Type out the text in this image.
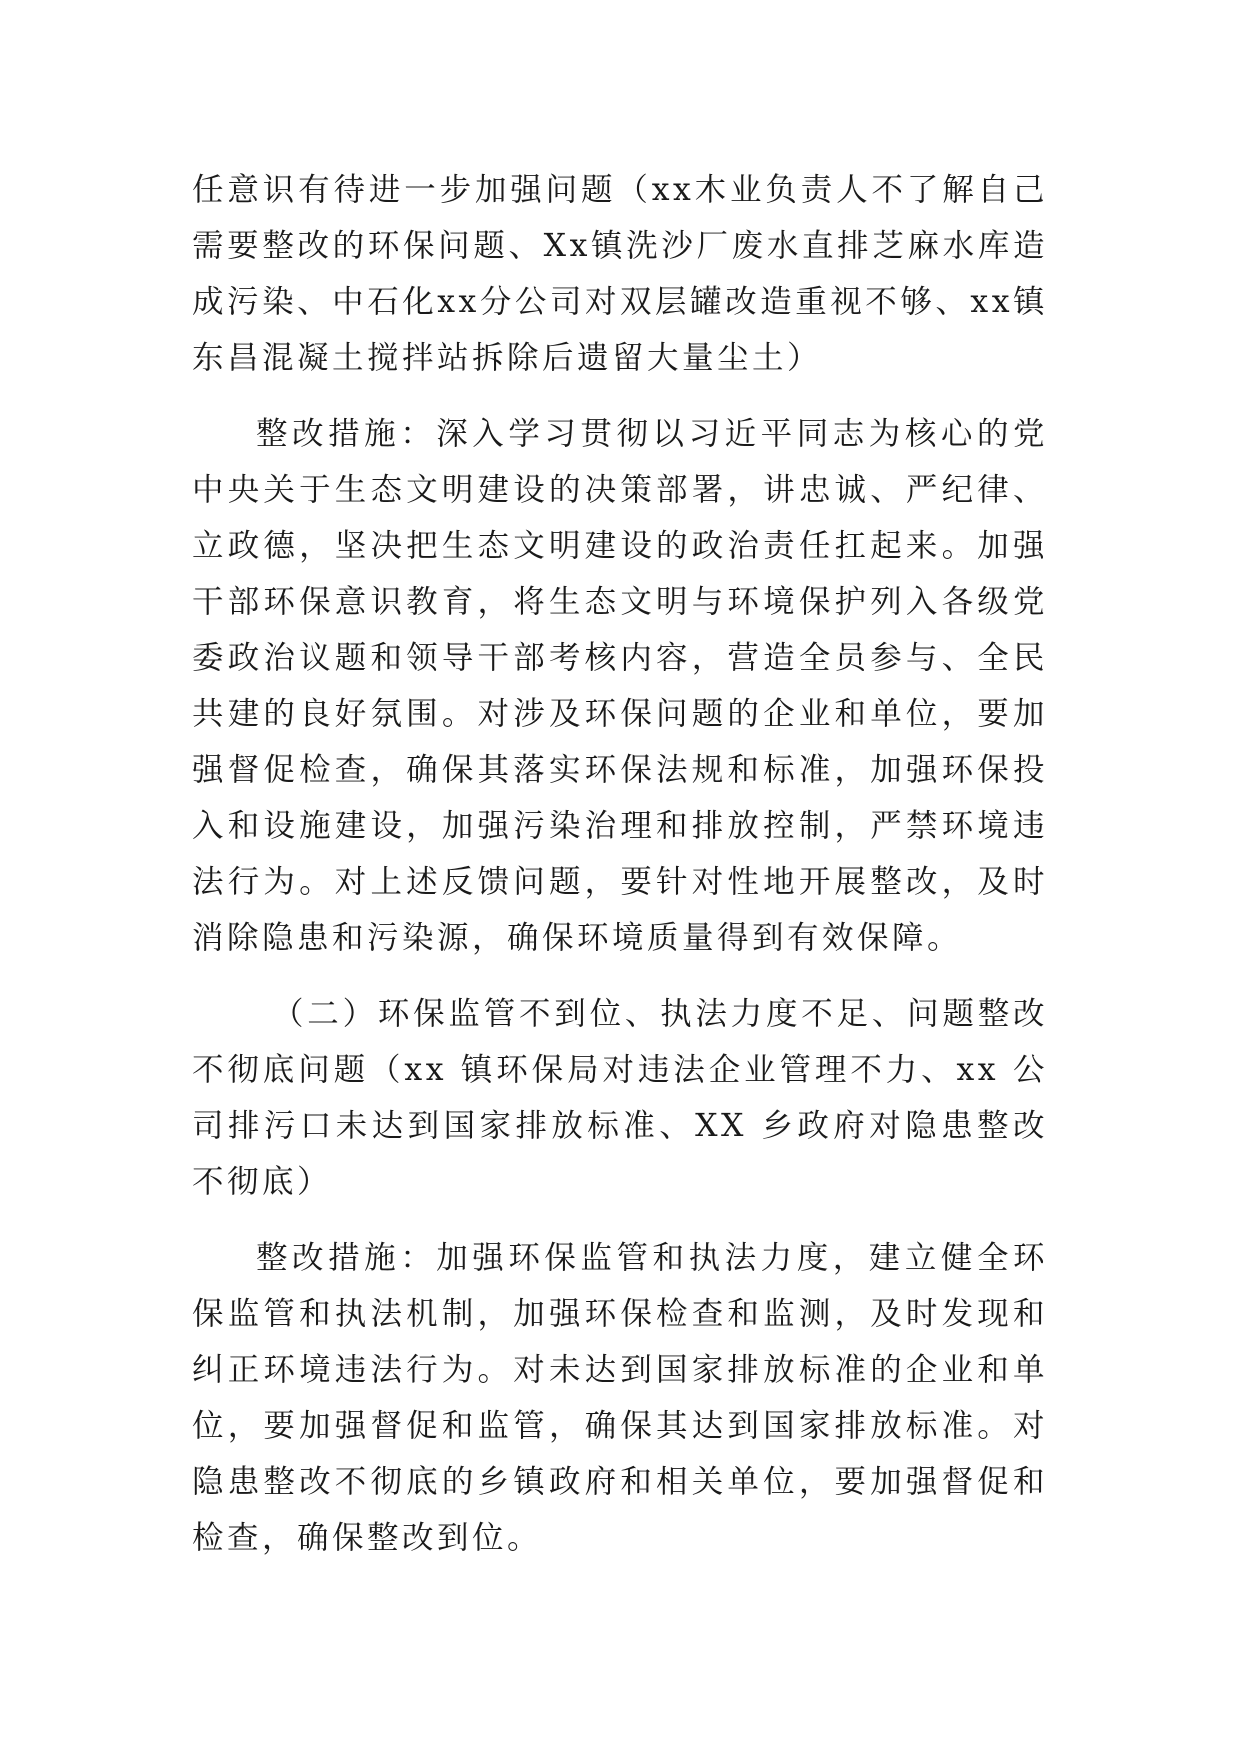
任意识有待进一步加强问题（xx木业负责人不了解自己需要整改的环保问题、Xx镇洗沙厂废水直排芝麻水库造成污染、中石化xx分公司对双层罐改造重视不够、xx镇东昌混凝土搅拌站拆除后遗留大量尘土）

整改措施：深入学习贯彻以习近平同志为核心的党中央关于生态文明建设的决策部署，讲忠诚、严纪律、立政德，坚决把生态文明建设的政治责任扛起来。加强干部环保意识教育，将生态文明与环境保护列入各级党委政治议题和领导干部考核内容，营造全员参与、全民共建的良好氛围。对涉及环保问题的企业和单位，要加强督促检查，确保其落实环保法规和标准，加强环保投入和设施建设，加强污染治理和排放控制，严禁环境违法行为。对上述反馈问题，要针对性地开展整改，及时消除隐患和污染源，确保环境质量得到有效保障。

（二）环保监管不到位、执法力度不足、问题整改不彻底问题（xx 镇环保局对违法企业管理不力、xx 公司排污口未达到国家排放标准、XX 乡政府对隐患整改不彻底）

整改措施：加强环保监管和执法力度，建立健全环保监管和执法机制，加强环保检查和监测，及时发现和纠正环境违法行为。对未达到国家排放标准的企业和单位，要加强督促和监管，确保其达到国家排放标准。对隐患整改不彻底的乡镇政府和相关单位，要加强督促和检查，确保整改到位。
